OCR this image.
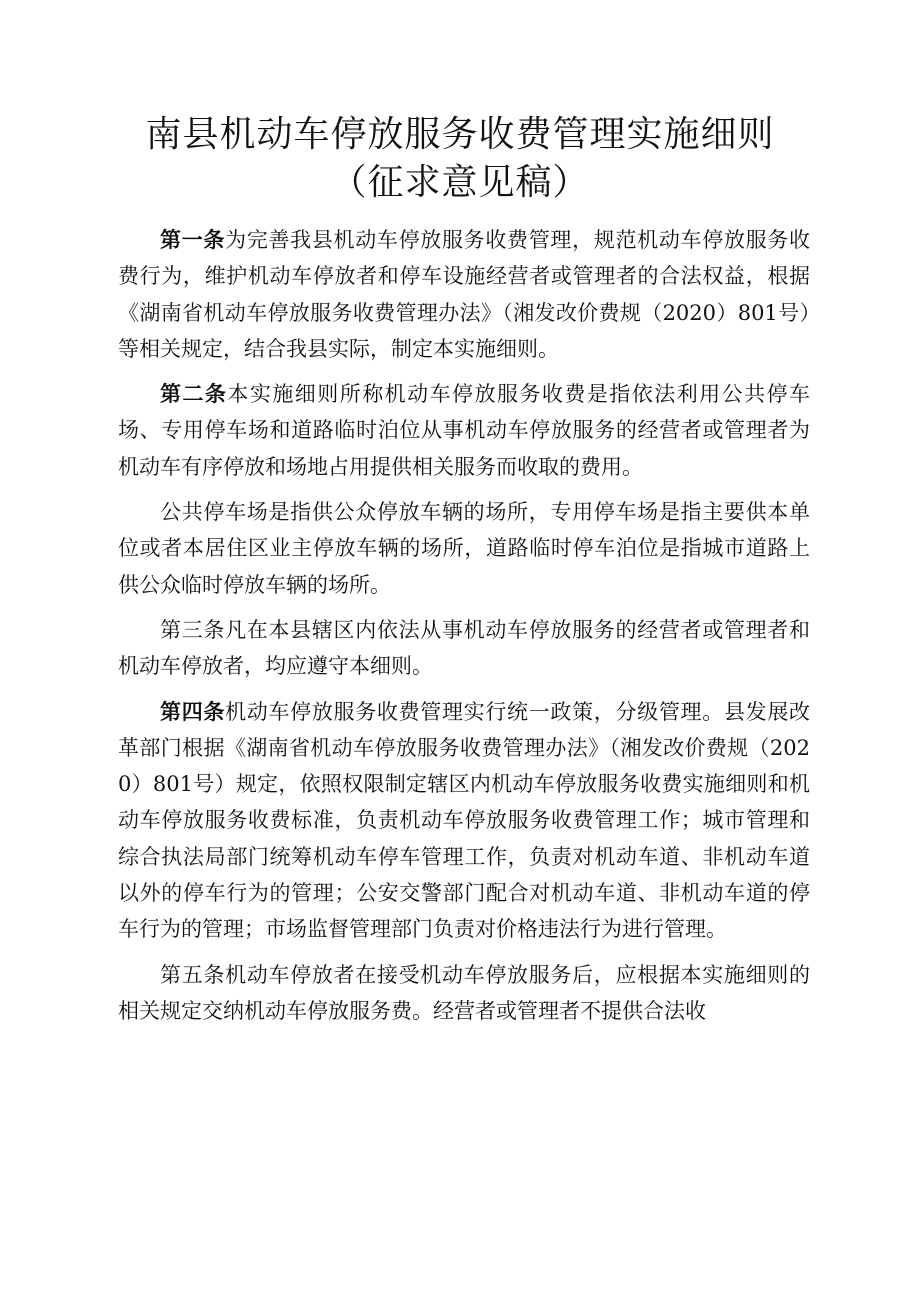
南县机动车停放服务收费管理实施细则
（征求意见稿）

第一条为完善我县机动车停放服务收费管理，规范机动车停放服务收费行为，维护机动车停放者和停车设施经营者或管理者的合法权益，根据《湖南省机动车停放服务收费管理办法》（湘发改价费规（2020）801号）等相关规定，结合我县实际，制定本实施细则。

第二条本实施细则所称机动车停放服务收费是指依法利用公共停车场、专用停车场和道路临时泊位从事机动车停放服务的经营者或管理者为机动车有序停放和场地占用提供相关服务而收取的费用。

公共停车场是指供公众停放车辆的场所，专用停车场是指主要供本单位或者本居住区业主停放车辆的场所，道路临时停车泊位是指城市道路上供公众临时停放车辆的场所。

第三条凡在本县辖区内依法从事机动车停放服务的经营者或管理者和机动车停放者，均应遵守本细则。

第四条机动车停放服务收费管理实行统一政策，分级管理。县发展改革部门根据《湖南省机动车停放服务收费管理办法》（湘发改价费规（2020）801号）规定，依照权限制定辖区内机动车停放服务收费实施细则和机动车停放服务收费标准，负责机动车停放服务收费管理工作；城市管理和综合执法局部门统筹机动车停车管理工作，负责对机动车道、非机动车道以外的停车行为的管理；公安交警部门配合对机动车道、非机动车道的停车行为的管理；市场监督管理部门负责对价格违法行为进行管理。

第五条机动车停放者在接受机动车停放服务后，应根据本实施细则的相关规定交纳机动车停放服务费。经营者或管理者不提供合法收
